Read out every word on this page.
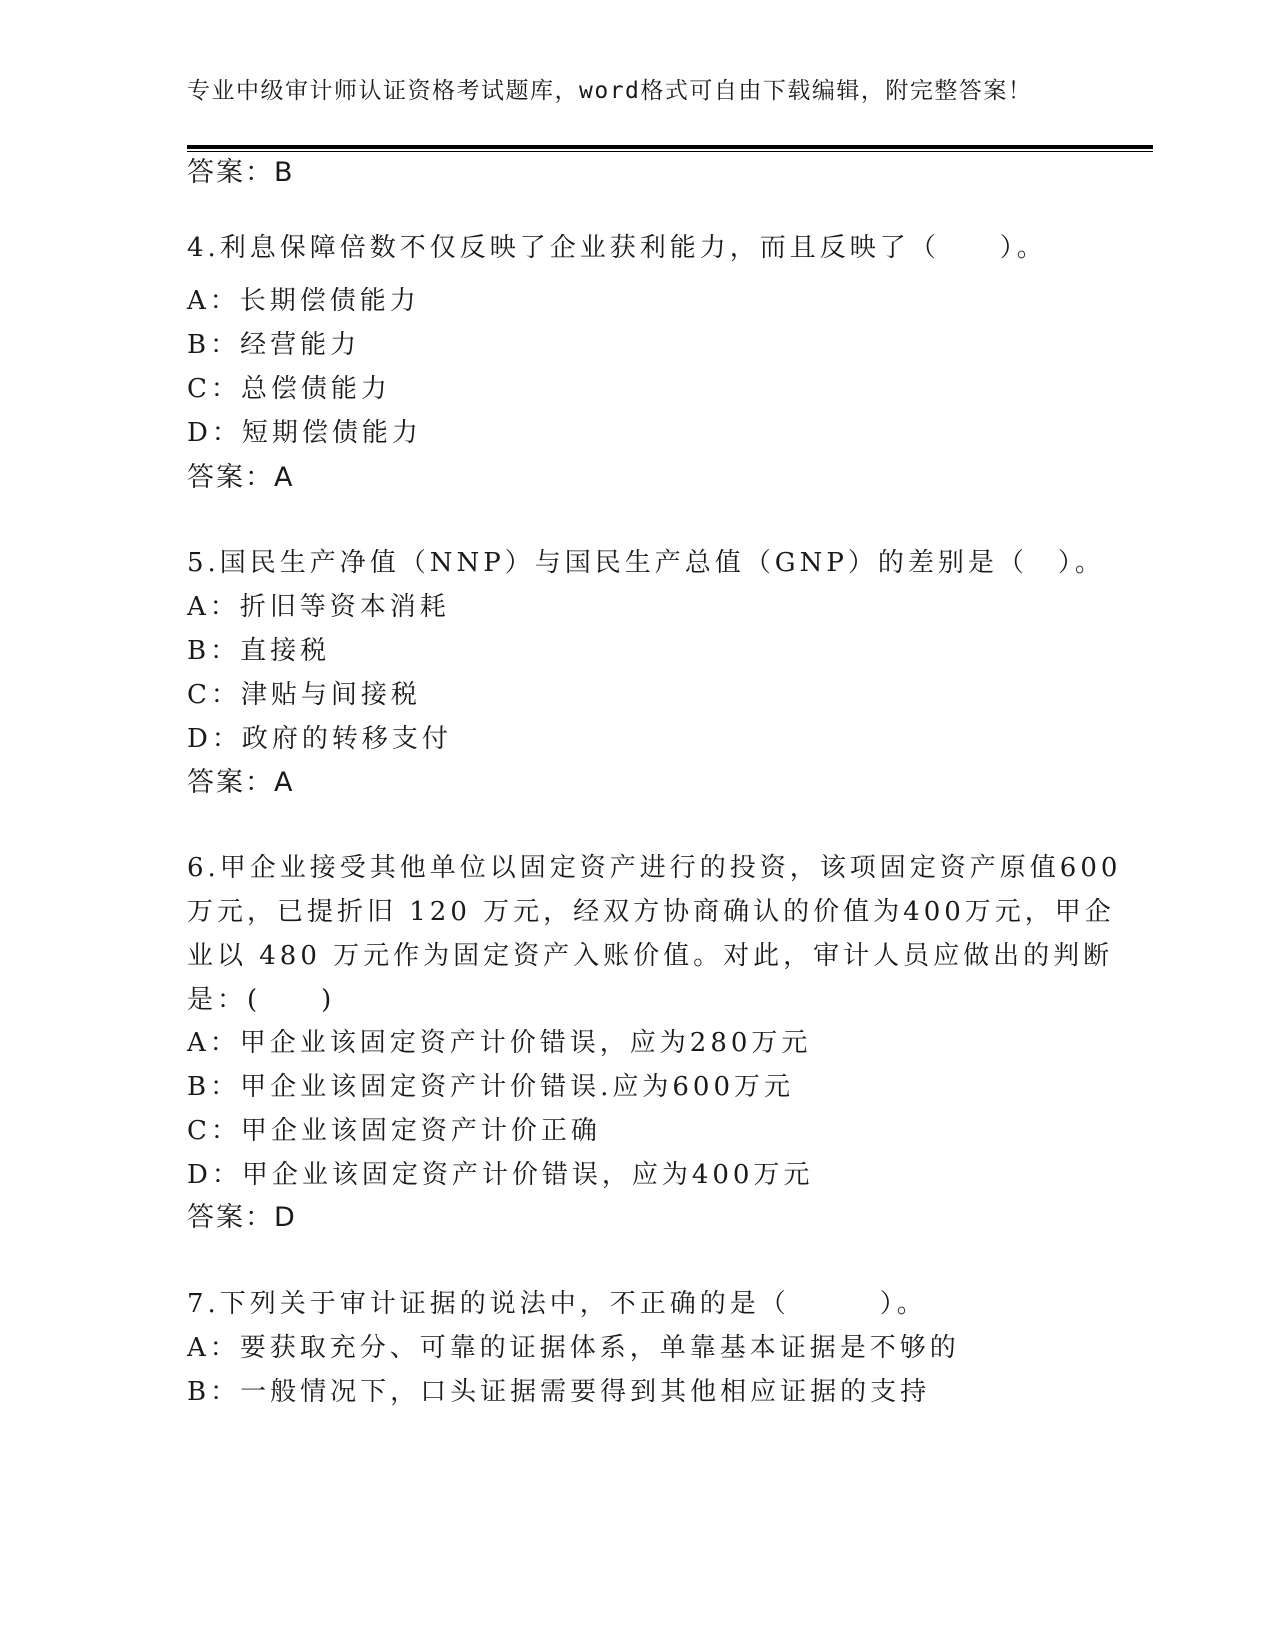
专业中级审计师认证资格考试题库，word格式可自由下载编辑，附完整答案！
答案：B
4.利息保障倍数不仅反映了企业获利能力，而且反映了（　　）。
A：长期偿债能力
B：经营能力
C：总偿债能力
D：短期偿债能力
答案：A
5.国民生产净值（NNP）与国民生产总值（GNP）的差别是（　）。
A：折旧等资本消耗
B：直接税
C：津贴与间接税
D：政府的转移支付
答案：A
6.甲企业接受其他单位以固定资产进行的投资，该项固定资产原值600
万元，已提折旧 120 万元，经双方协商确认的价值为400万元，甲企
业以 480 万元作为固定资产入账价值。对此，审计人员应做出的判断
是：(　　)
A：甲企业该固定资产计价错误，应为280万元
B：甲企业该固定资产计价错误.应为600万元
C：甲企业该固定资产计价正确
D：甲企业该固定资产计价错误，应为400万元
答案：D
7.下列关于审计证据的说法中，不正确的是（　　　）。
A：要获取充分、可靠的证据体系，单靠基本证据是不够的
B：一般情况下，口头证据需要得到其他相应证据的支持
